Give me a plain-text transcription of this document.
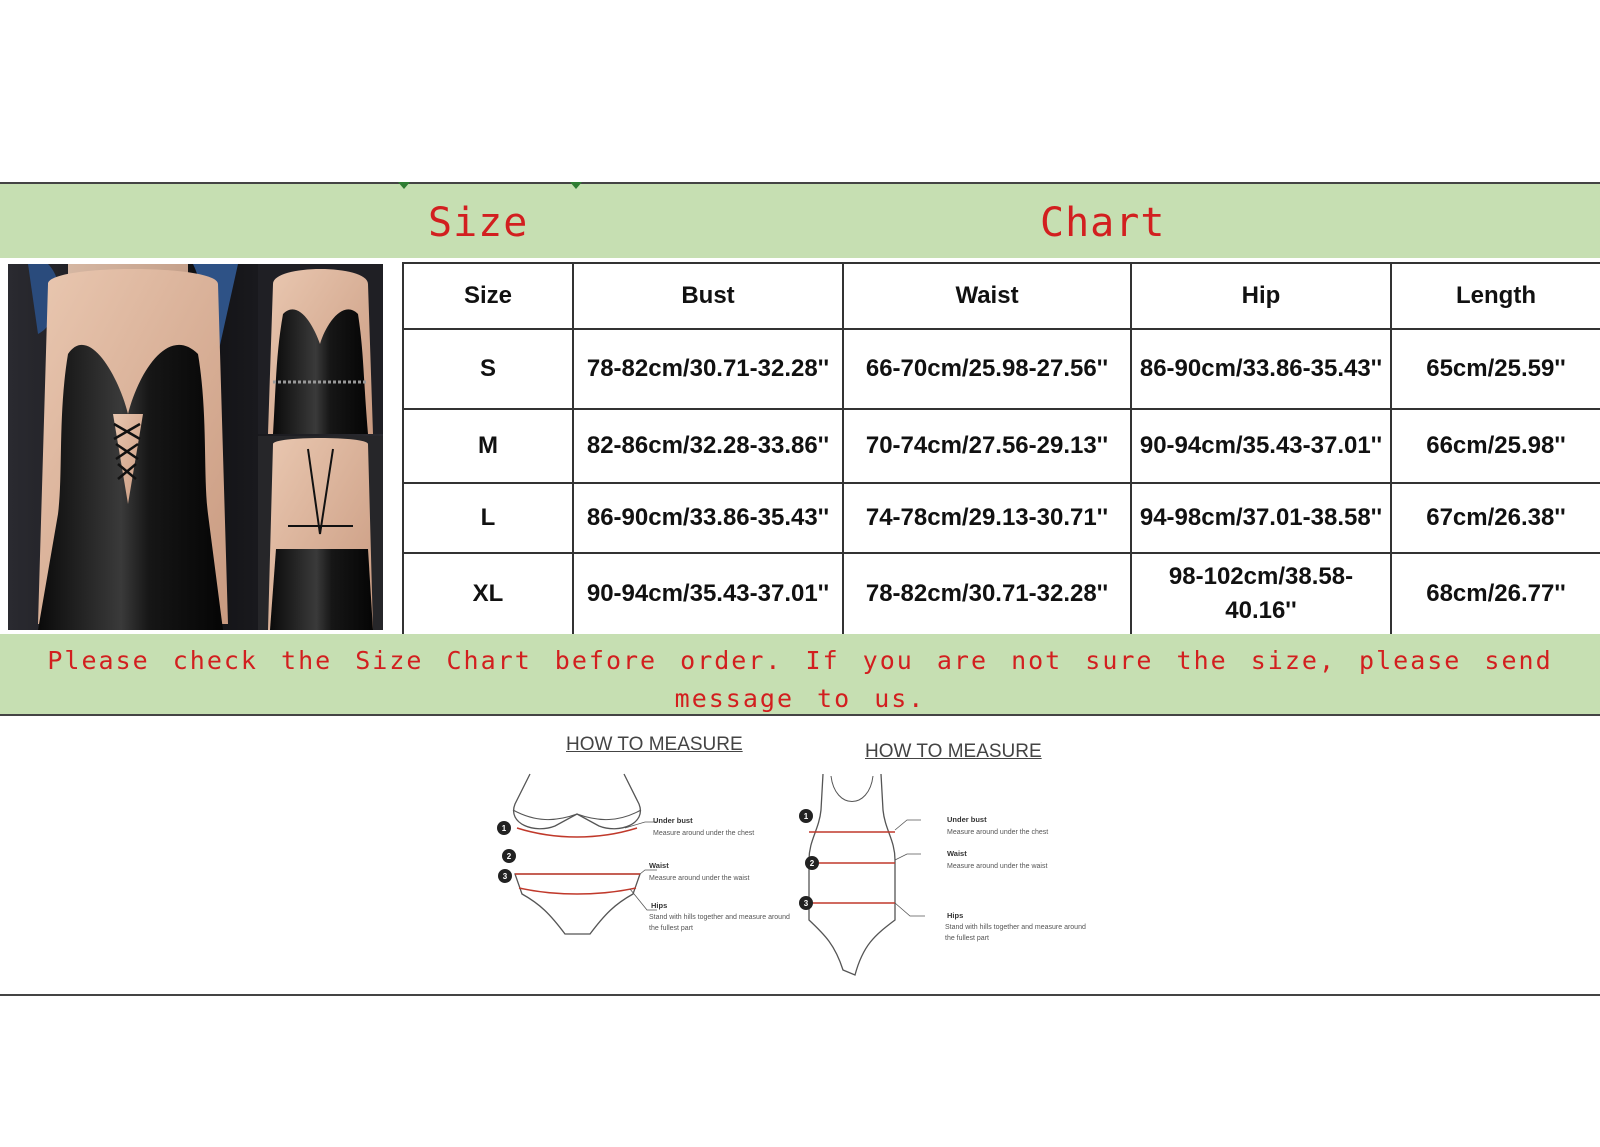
Size	Chart
Size	Bust	Waist	Hip	Length
S	78-82cm/30.71-32.28''	66-70cm/25.98-27.56''	86-90cm/33.86-35.43''	65cm/25.59''
M	82-86cm/32.28-33.86''	70-74cm/27.56-29.13''	90-94cm/35.43-37.01''	66cm/25.98''
L	86-90cm/33.86-35.43''	74-78cm/29.13-30.71''	94-98cm/37.01-38.58''	67cm/26.38''
XL	90-94cm/35.43-37.01''	78-82cm/30.71-32.28''	98-102cm/38.58-40.16''	68cm/26.77''
Please check the Size Chart before order. If you are not sure the size, please send message to us.
HOW TO MEASURE
1
2
3
Under bust
Measure around under the chest
Waist
Measure around under the waist
Hips
Stand with hills together and measure around the fullest part
HOW TO MEASURE
1
2
3
Under bust
Measure around under the chest
Waist
Measure around under the waist
Hips
Stand with hills together and measure around the fullest part
